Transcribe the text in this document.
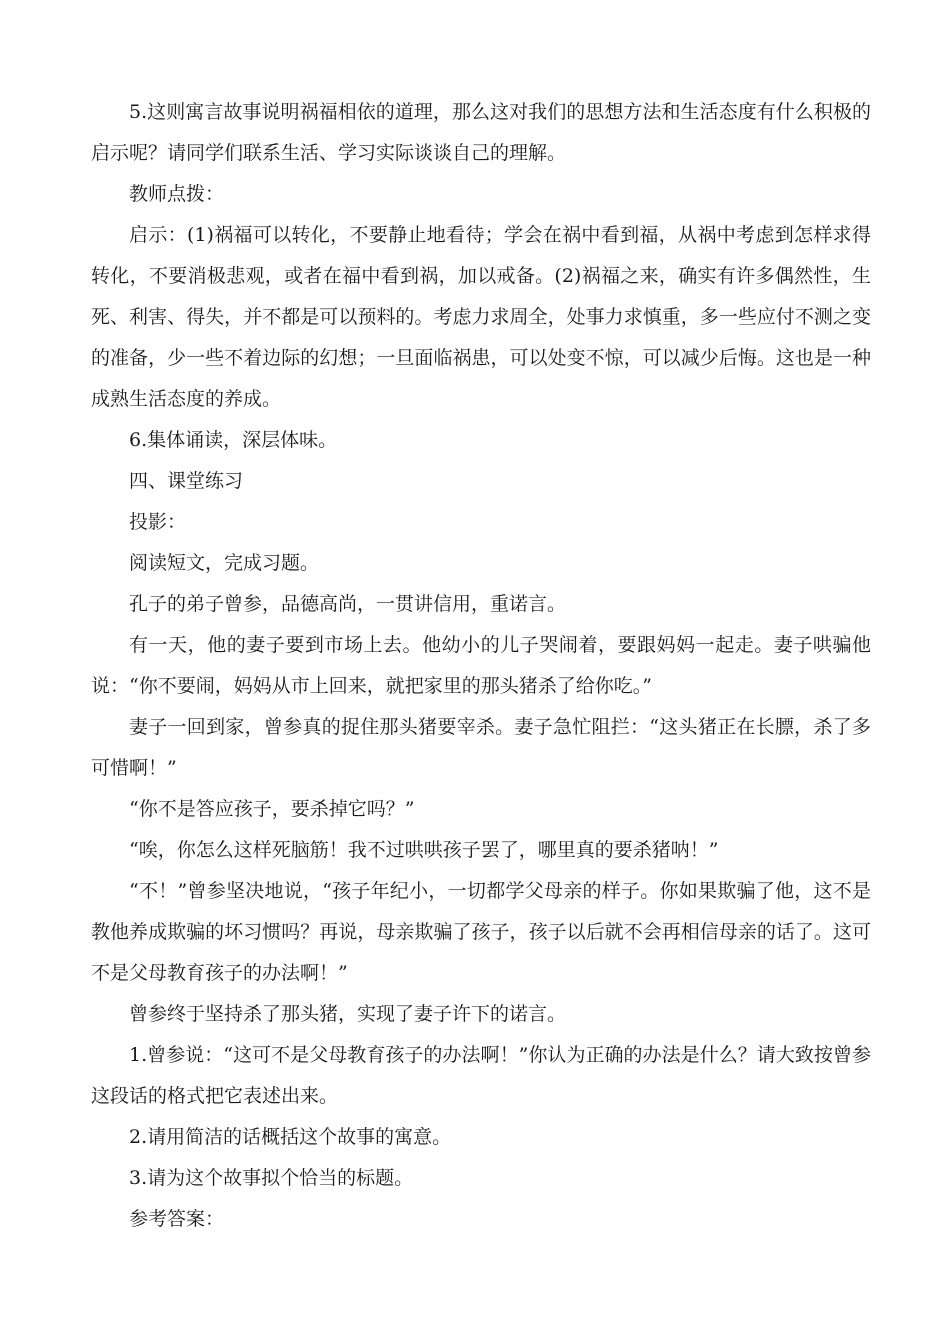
5.这则寓言故事说明祸福相依的道理，那么这对我们的思想方法和生活态度有什么积极的启示呢？请同学们联系生活、学习实际谈谈自己的理解。

教师点拨：

启示：(1)祸福可以转化，不要静止地看待；学会在祸中看到福，从祸中考虑到怎样求得转化，不要消极悲观，或者在福中看到祸，加以戒备。(2)祸福之来，确实有许多偶然性，生死、利害、得失，并不都是可以预料的。考虑力求周全，处事力求慎重，多一些应付不测之变的准备，少一些不着边际的幻想；一旦面临祸患，可以处变不惊，可以减少后悔。这也是一种成熟生活态度的养成。

6.集体诵读，深层体味。

四、课堂练习

投影：

阅读短文，完成习题。

孔子的弟子曾参，品德高尚，一贯讲信用，重诺言。

有一天，他的妻子要到市场上去。他幼小的儿子哭闹着，要跟妈妈一起走。妻子哄骗他说：“你不要闹，妈妈从市上回来，就把家里的那头猪杀了给你吃。”

妻子一回到家，曾参真的捉住那头猪要宰杀。妻子急忙阻拦：“这头猪正在长膘，杀了多可惜啊！”

“你不是答应孩子，要杀掉它吗？”

“唉，你怎么这样死脑筋！我不过哄哄孩子罢了，哪里真的要杀猪呐！”

“不！”曾参坚决地说，“孩子年纪小，一切都学父母亲的样子。你如果欺骗了他，这不是教他养成欺骗的坏习惯吗？再说，母亲欺骗了孩子，孩子以后就不会再相信母亲的话了。这可不是父母教育孩子的办法啊！”

曾参终于坚持杀了那头猪，实现了妻子许下的诺言。

1.曾参说：“这可不是父母教育孩子的办法啊！”你认为正确的办法是什么？请大致按曾参这段话的格式把它表述出来。

2.请用简洁的话概括这个故事的寓意。

3.请为这个故事拟个恰当的标题。

参考答案：
